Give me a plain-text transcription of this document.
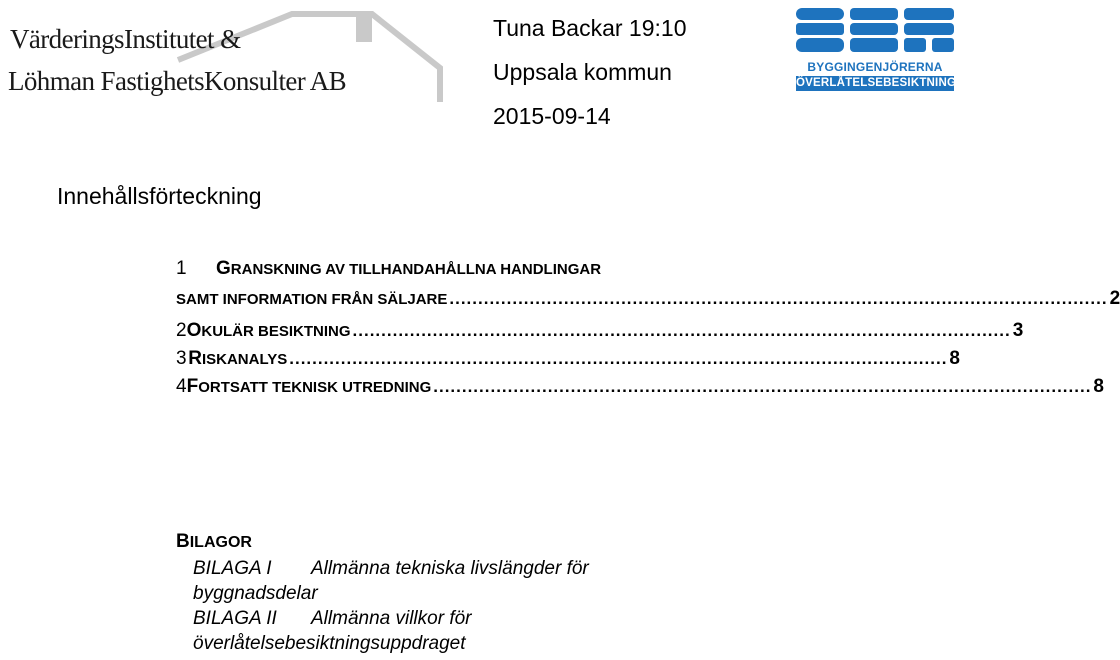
VärderingsInstitutet &
Löhman FastighetsKonsulter AB
Tuna Backar 19:10
Uppsala kommun
2015-09-14
BYGGINGENJÖRERNA
ÖVERLÅTELSEBESIKTNING
Innehållsförteckning
1	GRANSKNING AV TILLHANDAHÅLLNA HANDLINGAR
SAMT INFORMATION FRÅN SÄLJARE ................................................................................................................... 2
2 OKULÄR BESIKTNING ................................................................................................................... 3
3 RISKANALYS ................................................................................................................... 8
4 FORTSATT TEKNISK UTREDNING ................................................................................................................... 8
BILAGOR
BILAGA I Allmänna tekniska livslängder för
byggnadsdelar
BILAGA II Allmänna villkor för
överlåtelsebesiktningsuppdraget
